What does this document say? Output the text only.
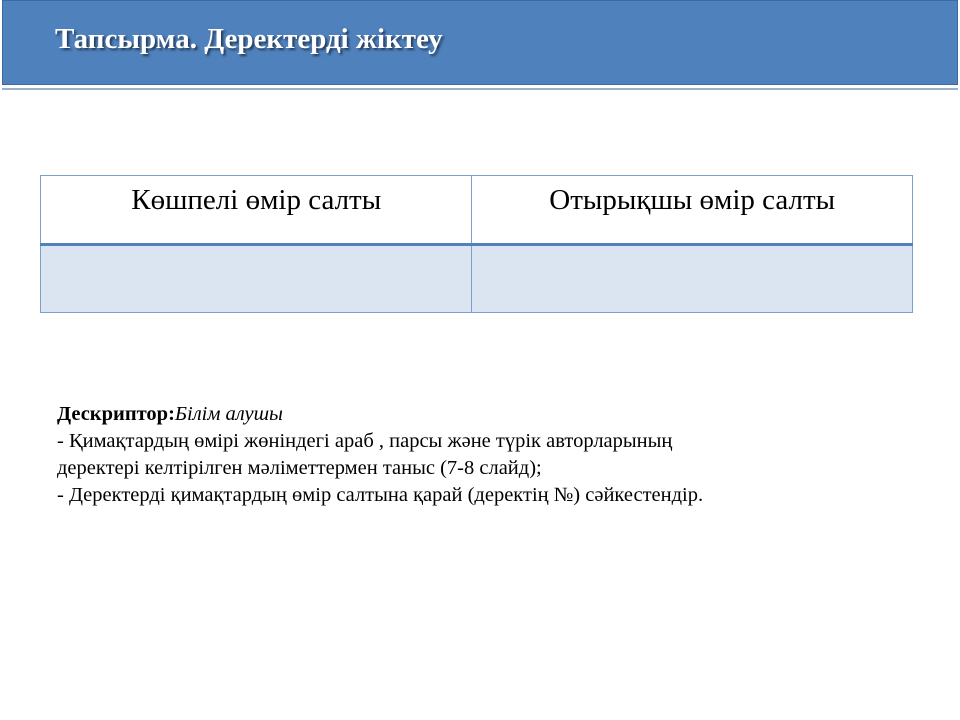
Тапсырма. Деректерді жіктеу
Көшпелі өмір салты	Отырықшы өмір салты

Дескриптор:Білім алушы
- Қимақтардың өмірі жөніндегі араб , парсы және түрік авторларының
деректері келтірілген мәліметтермен таныс (7-8 слайд);
- Деректерді қимақтардың өмір салтына қарай (деректің №) сәйкестендір.
